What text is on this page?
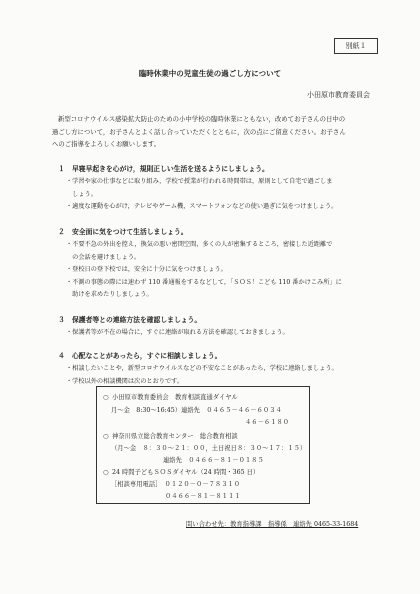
別紙１
臨時休業中の児童生徒の過ごし方について
小田原市教育委員会
新型コロナウイルス感染拡大防止のための小中学校の臨時休業にともない，改めてお子さんの日中の
過ごし方について，お子さんとよく話し合っていただくとともに，次の点にご留意ください。お子さん
へのご指導をよろしくお願いします。
１ 早寝早起きを心がけ，規則正しい生活を送るようにしましょう。
・学習や家の仕事などに取り組み，学校で授業が行われる時間帯は，原則として自宅で過ごしま
　しょう。
・適度な運動を心がけ，テレビやゲーム機，スマートフォンなどの使い過ぎに気をつけましょう。
２ 安全面に気をつけて生活しましょう。
・不要不急の外出を控え，換気の悪い密閉空間，多くの人が密集するところ，密接した近距離で
　の会話を避けましょう。
・登校日の登下校では，安全に十分に気をつけましょう。
・不測の事態の際には速わず 110 番通報をするなどして，「ＳＯＳ！こども 110 番かけこみ所」に
　助けを求めたりしましょう。
３ 保護者等との連絡方法を確認しましょう。
・保護者等が不在の場合に，すぐに連絡が取れる方法を確認しておきましょう。
４ 心配なことがあったら，すぐに相談しましょう。
・相談したいことや，新型コロナウイルスなどの不安なことがあったら，学校に連絡しましょう。
・学校以外の相談機関は次のとおりです。
○ 小田原市教育委員会　教育相談直通ダイヤル
月～金　8:30～16:45）連絡先　０４６５－４６－６０３４
４６－６１８０
○ 神奈川県立総合教育センター　総合教育相談
（月～金　８：３０～２１：００，土日祝日８：３０～１７：１５）
連絡先　 ０４６６－８１－０１８５
○ 24 時間子どもＳＯＳダイヤル（24 時間・365 日）
［相談専用電話］　 ０１２０－０－７８３１０
０４６６－８１－８１１１
問い合わせ先：教育指導課　指導係　連絡先 0465-33-1684
